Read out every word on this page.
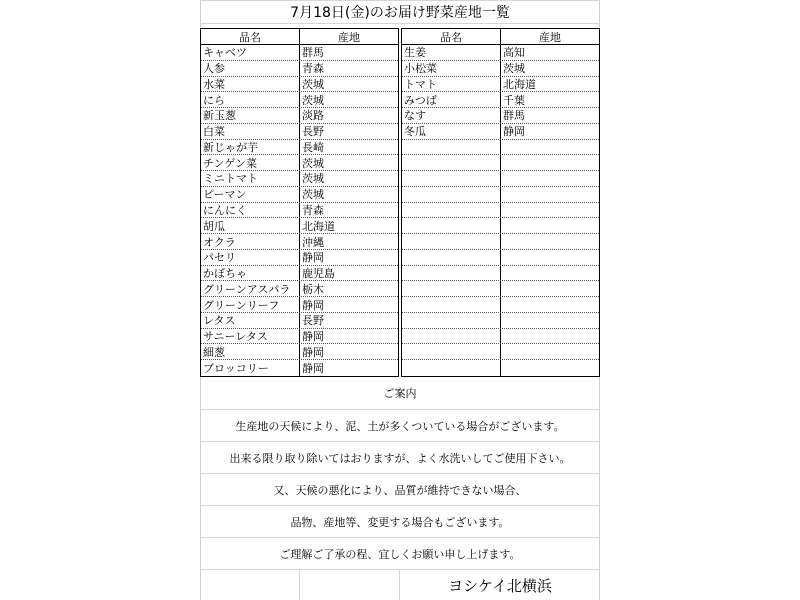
7月18日(金)のお届け野菜産地一覧
品名	産地
キャベツ	群馬
人参	青森
水菜	茨城
にら	茨城
新玉葱	淡路
白菜	長野
新じゃが芋	長崎
チンゲン菜	茨城
ミニトマト	茨城
ピーマン	茨城
にんにく	青森
胡瓜	北海道
オクラ	沖縄
パセリ	静岡
かぼちゃ	鹿児島
グリーンアスパラ	栃木
グリーンリーフ	静岡
レタス	長野
サニーレタス	静岡
細葱	静岡
ブロッコリー	静岡
品名	産地
生姜	高知
小松菜	茨城
トマト	北海道
みつば	千葉
なす	群馬
冬瓜	静岡
ご案内
生産地の天候により、泥、土が多くついている場合がございます。
出来る限り取り除いてはおりますが、よく水洗いしてご使用下さい。
又、天候の悪化により、品質が維持できない場合、
品物、産地等、変更する場合もございます。
ご理解ご了承の程、宜しくお願い申し上げます。
ヨシケイ北横浜
